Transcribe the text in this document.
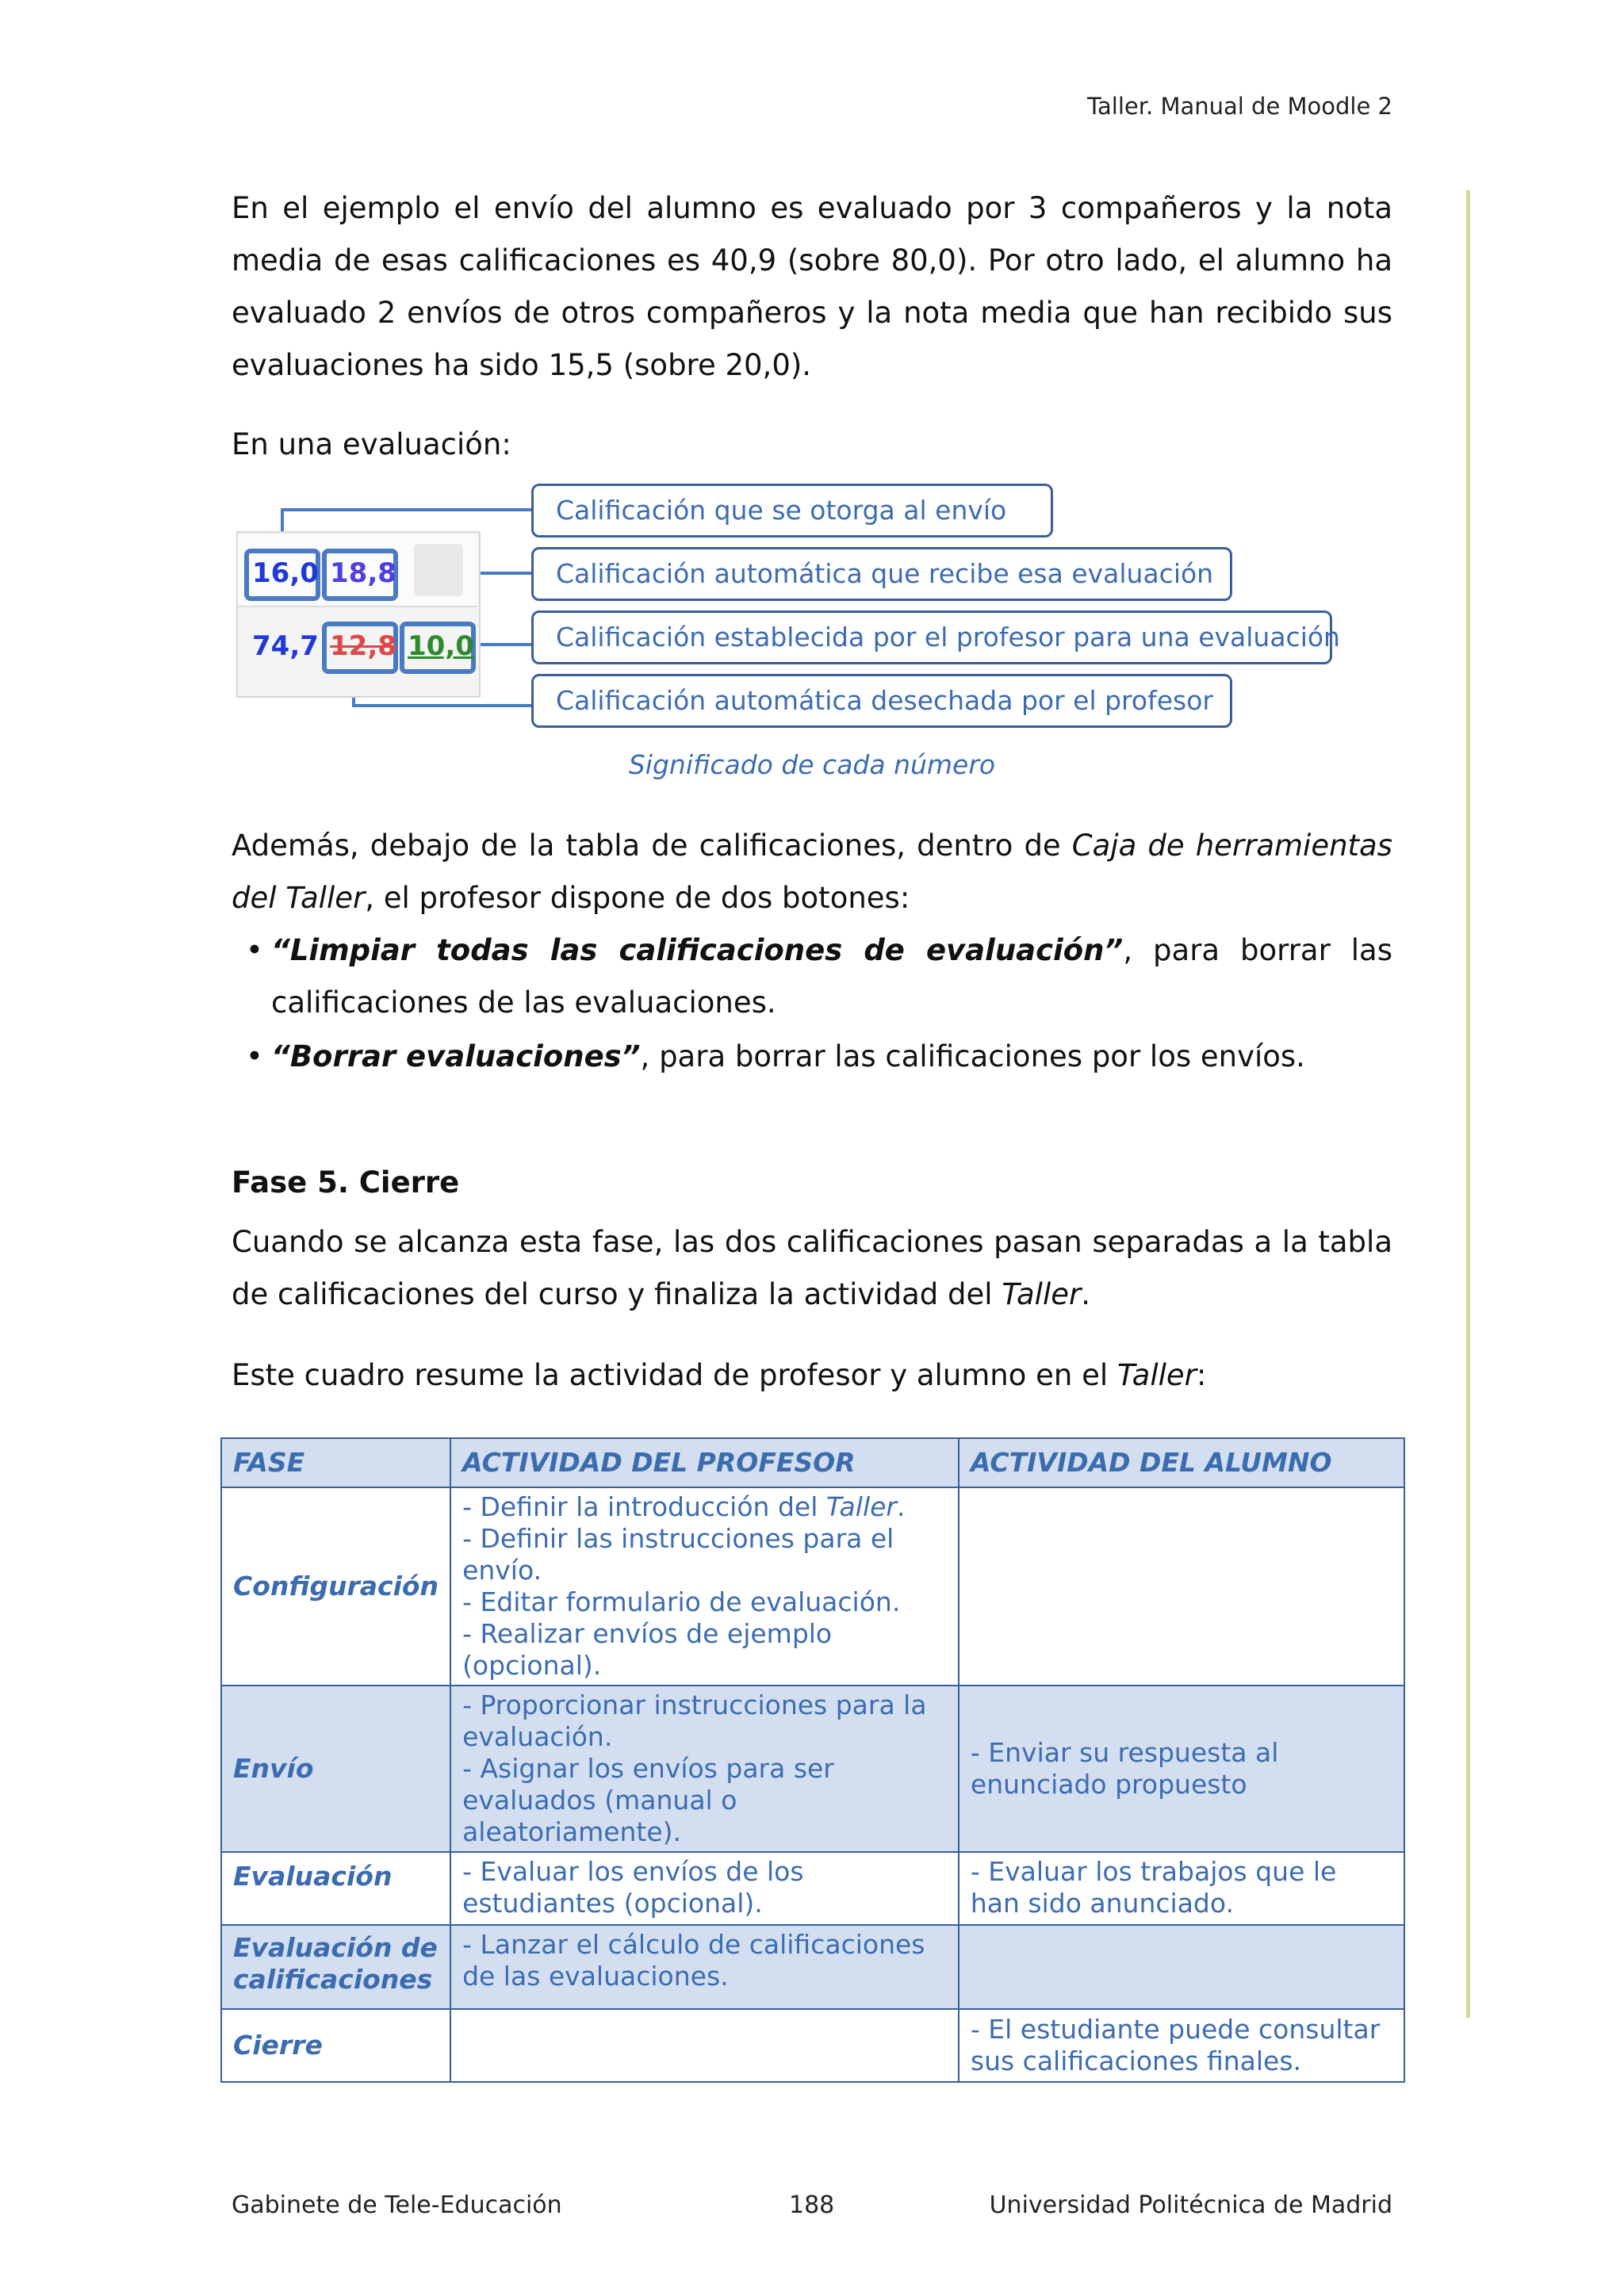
Taller. Manual de Moodle 2

En el ejemplo el envío del alumno es evaluado por 3 compañeros y la nota media de esas calificaciones es 40,9 (sobre 80,0). Por otro lado, el alumno ha evaluado 2 envíos de otros compañeros y la nota media que han recibido sus evaluaciones ha sido 15,5 (sobre 20,0).

En una evaluación:

16,0 18,8
74,7 12,8 10,0
Calificación que se otorga al envío
Calificación automática que recibe esa evaluación
Calificación establecida por el profesor para una evaluación
Calificación automática desechada por el profesor
Significado de cada número

Además, debajo de la tabla de calificaciones, dentro de Caja de herramientas del Taller, el profesor dispone de dos botones:

• “Limpiar todas las calificaciones de evaluación”, para borrar las calificaciones de las evaluaciones.
• “Borrar evaluaciones”, para borrar las calificaciones por los envíos.
Fase 5. Cierre

Cuando se alcanza esta fase, las dos calificaciones pasan separadas a la tabla de calificaciones del curso y finaliza la actividad del Taller.

Este cuadro resume la actividad de profesor y alumno en el Taller:

FASE	ACTIVIDAD DEL PROFESOR	ACTIVIDAD DEL ALUMNO
Configuración	- Definir la introducción del Taller.
- Definir las instrucciones para el envío.
- Editar formulario de evaluación.
- Realizar envíos de ejemplo (opcional).	

Envío	- Proporcionar instrucciones para la evaluación.
- Asignar los envíos para ser evaluados (manual o aleatoriamente).	- Enviar su respuesta al enunciado propuesto

Evaluación	- Evaluar los envíos de los estudiantes (opcional).	- Evaluar los trabajos que le han sido anunciado.

Evaluación de calificaciones	- Lanzar el cálculo de calificaciones de las evaluaciones.	

Cierre		- El estudiante puede consultar sus calificaciones finales.
Gabinete de Tele-Educación	188	Universidad Politécnica de Madrid
